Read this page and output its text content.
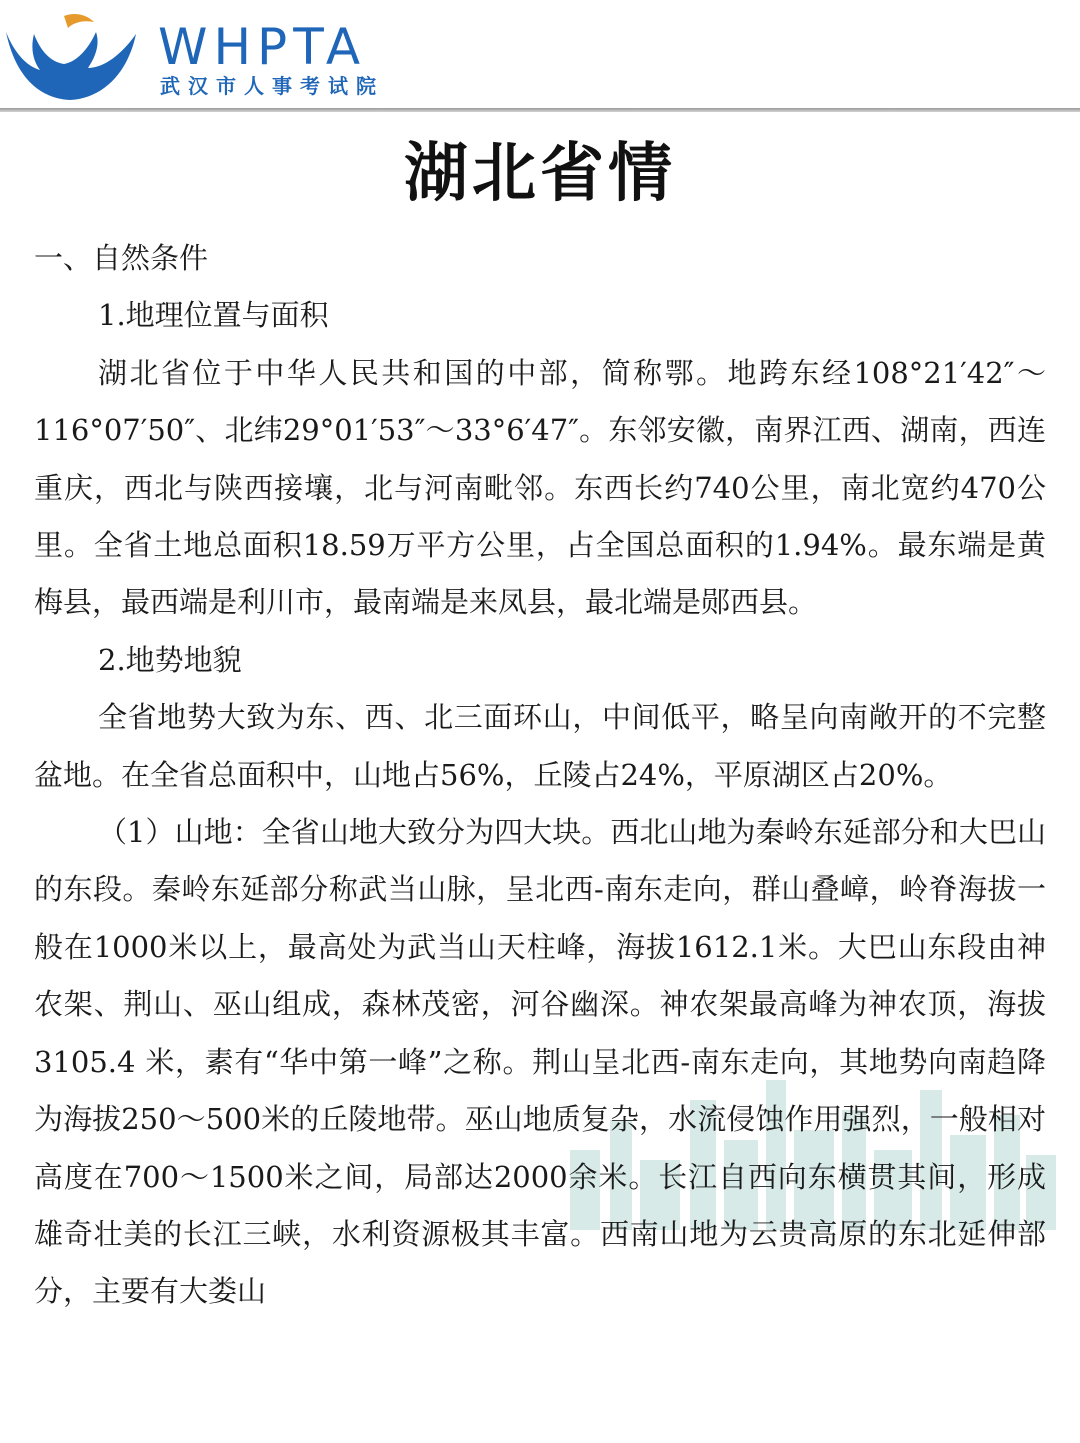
WHPTA
武汉市人事考试院
湖北省情

一、自然条件

1.地理位置与面积

湖北省位于中华人民共和国的中部，简称鄂。地跨东经108°21′42″～116°07′50″、北纬29°01′53″～33°6′47″。东邻安徽，南界江西、湖南，西连重庆，西北与陕西接壤，北与河南毗邻。东西长约740公里，南北宽约470公里。全省土地总面积18.59万平方公里，占全国总面积的1.94%。最东端是黄梅县，最西端是利川市，最南端是来凤县，最北端是郧西县。

2.地势地貌

全省地势大致为东、西、北三面环山，中间低平，略呈向南敞开的不完整盆地。在全省总面积中，山地占56%，丘陵占24%，平原湖区占20%。

（1）山地：全省山地大致分为四大块。西北山地为秦岭东延部分和大巴山的东段。秦岭东延部分称武当山脉，呈北西-南东走向，群山叠嶂，岭脊海拔一般在1000米以上，最高处为武当山天柱峰，海拔1612.1米。大巴山东段由神农架、荆山、巫山组成，森林茂密，河谷幽深。神农架最高峰为神农顶，海拔3105.4 米，素有“华中第一峰”之称。荆山呈北西-南东走向，其地势向南趋降为海拔250～500米的丘陵地带。巫山地质复杂，水流侵蚀作用强烈，一般相对高度在700～1500米之间，局部达2000余米。长江自西向东横贯其间，形成雄奇壮美的长江三峡，水利资源极其丰富。西南山地为云贵高原的东北延伸部分，主要有大娄山
